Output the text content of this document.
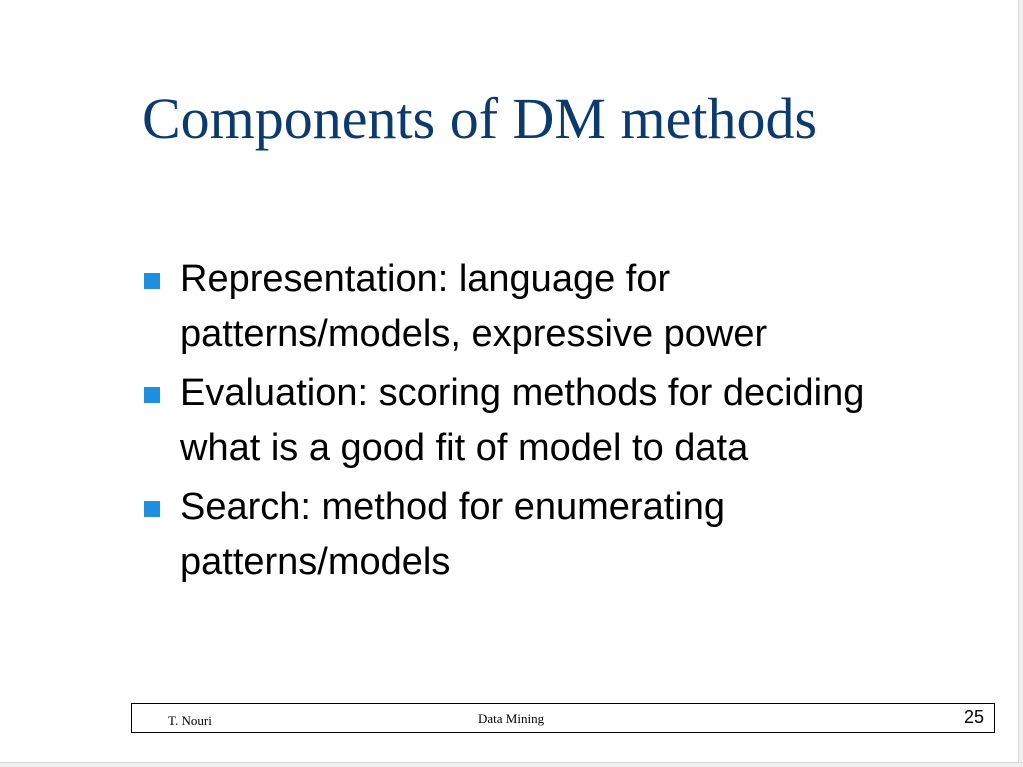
Components of DM methods
Representation: language for patterns/models, expressive power
Evaluation: scoring methods for deciding what is a good fit of model to data
Search: method for enumerating patterns/models
T. Nouri	Data Mining	25
